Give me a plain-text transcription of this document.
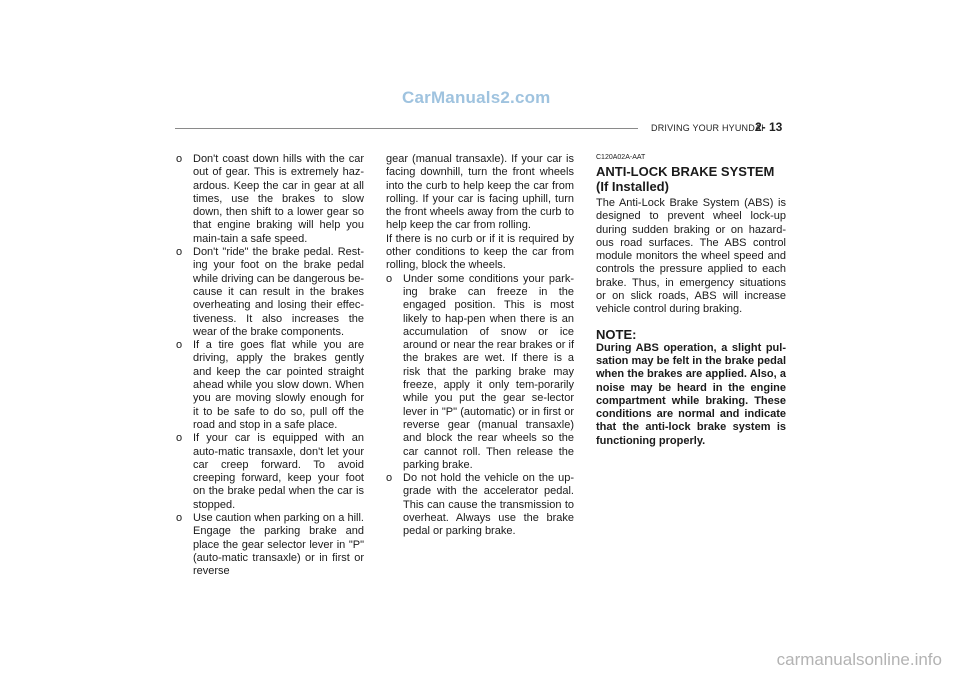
CarManuals2.com
DRIVING YOUR HYUNDAI
2- 13
o Don't coast down hills with the car out of gear. This is extremely haz-ardous. Keep the car in gear at all times, use the brakes to slow down, then shift to a lower gear so that engine braking will help you main-tain a safe speed.
o Don't "ride" the brake pedal. Rest-ing your foot on the brake pedal while driving can be dangerous be-cause it can result in the brakes overheating and losing their effec-tiveness. It also increases the wear of the brake components.
o If a tire goes flat while you are driving, apply the brakes gently and keep the car pointed straight ahead while you slow down. When you are moving slowly enough for it to be safe to do so, pull off the road and stop in a safe place.
o If your car is equipped with an auto-matic transaxle, don't let your car creep forward. To avoid creeping forward, keep your foot on the brake pedal when the car is stopped.
o Use caution when parking on a hill. Engage the parking brake and place the gear selector lever in "P" (auto-matic transaxle) or in first or reverse

gear (manual transaxle). If your car is facing downhill, turn the front wheels into the curb to help keep the car from rolling. If your car is facing uphill, turn the front wheels away from the curb to help keep the car from rolling.

If there is no curb or if it is required by other conditions to keep the car from rolling, block the wheels.

o Under some conditions your park-ing brake can freeze in the engaged position. This is most likely to hap-pen when there is an accumulation of snow or ice around or near the rear brakes or if the brakes are wet. If there is a risk that the parking brake may freeze, apply it only tem-porarily while you put the gear se-lector lever in "P" (automatic) or in first or reverse gear (manual transaxle) and block the rear wheels so the car cannot roll. Then release the parking brake.
o Do not hold the vehicle on the up-grade with the accelerator pedal. This can cause the transmission to overheat. Always use the brake pedal or parking brake.
C120A02A-AAT
ANTI-LOCK BRAKE SYSTEM
(If Installed)

The Anti-Lock Brake System (ABS) is designed to prevent wheel lock-up during sudden braking or on hazard-ous road surfaces. The ABS control module monitors the wheel speed and controls the pressure applied to each brake. Thus, in emergency situations or on slick roads, ABS will increase vehicle control during braking.

NOTE:

During ABS operation, a slight pul-sation may be felt in the brake pedal when the brakes are applied. Also, a noise may be heard in the engine compartment while braking. These conditions are normal and indicate that the anti-lock brake system is functioning properly.

carmanualsonline.info
